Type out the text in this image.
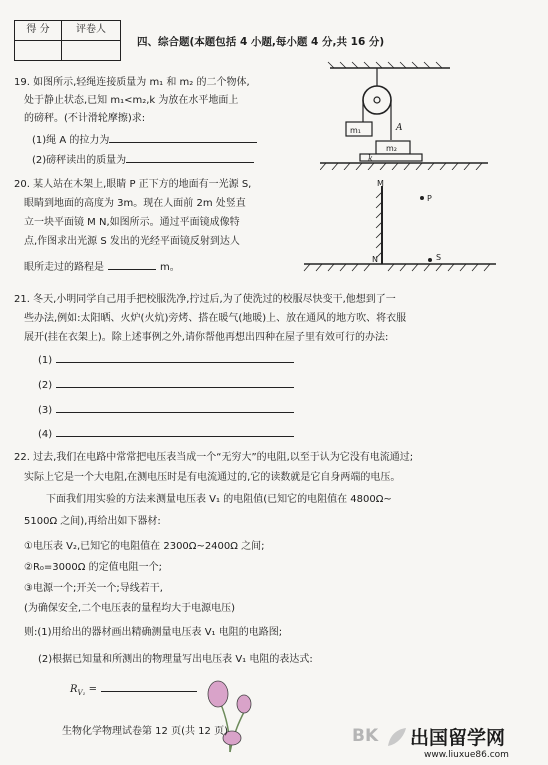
得 分	评卷人

四、综合题(本题包括 4 小题,每小题 4 分,共 16 分)
19. 如图所示,轻绳连接质量为 m₁ 和 m₂ 的二个物体,
处于静止状态,已知 m₁<m₂,k 为放在水平地面上
的磅秤。(不计滑轮摩擦)求:
(1)绳 A 的拉力为
(2)磅秤读出的质量为
m₁
m₂
A
k
20. 某人站在木架上,眼睛 P 正下方的地面有一光源 S,
眼睛到地面的高度为 3m。现在人面前 2m 处竖直
立一块平面镜 M N,如图所示。通过平面镜成像特
点,作图求出光源 S 发出的光经平面镜反射到达人
眼所走过的路程是	m。
M
N
P
S
21. 冬天,小明同学自己用手把校服洗净,拧过后,为了使洗过的校服尽快变干,他想到了一
些办法,例如:太阳晒、火炉(火炕)旁烤、搭在暖气(地暖)上、放在通风的地方吹、将衣服
展开(挂在衣架上)。除上述事例之外,请你帮他再想出四种在屋子里有效可行的办法:
(1)
(2)
(3)
(4)
22. 过去,我们在电路中常常把电压表当成一个“无穷大”的电阻,以至于认为它没有电流通过;
实际上它是一个大电阻,在测电压时是有电流通过的,它的读数就是它自身两端的电压。
下面我们用实验的方法来测量电压表 V₁ 的电阻值(已知它的电阻值在 4800Ω~
5100Ω 之间),再给出如下器材:
①电压表 V₂,已知它的电阻值在 2300Ω~2400Ω 之间;
②R₀=3000Ω 的定值电阻一个;
③电源一个;开关一个;导线若干,
(为确保安全,二个电压表的量程均大于电源电压)
则:(1)用给出的器材画出精确测量电压表 V₁ 电阻的电路图;
(2)根据已知量和所测出的物理量写出电压表 V₁ 电阻的表达式:
$R_{V_1}$ =
生物化学物理试卷第 12 页(共 12 页)	BK 出国留学网
www.liuxue86.com
